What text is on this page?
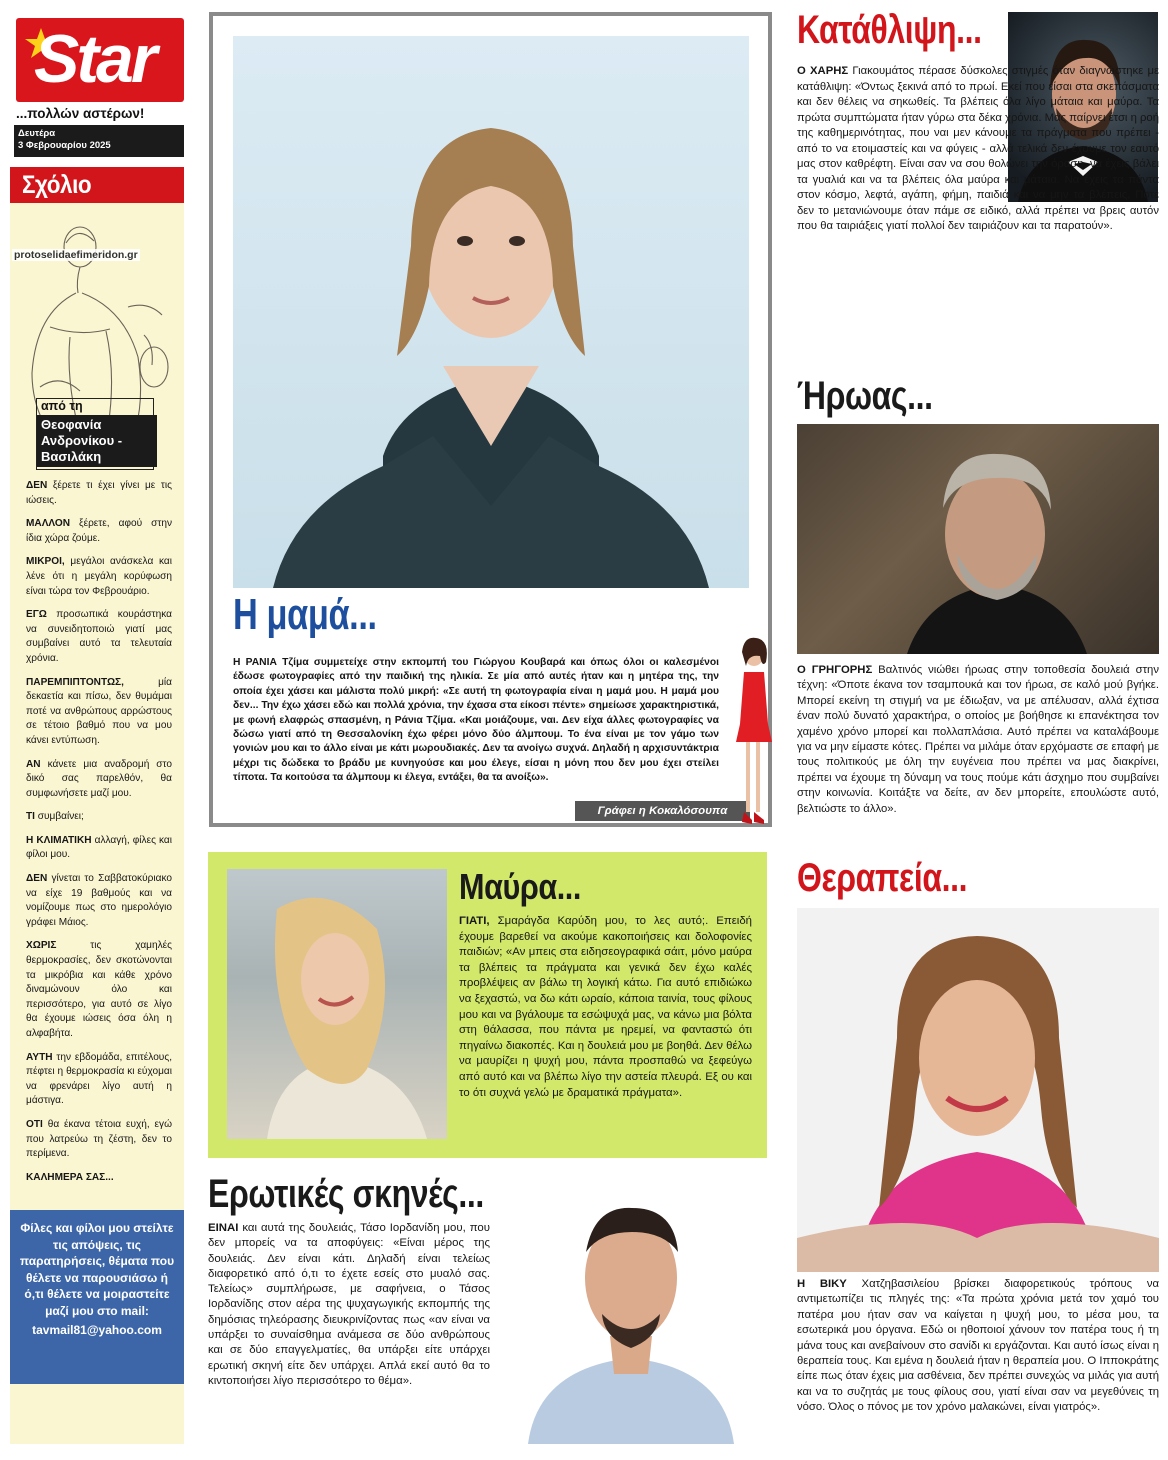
Star
...πολλών αστέρων!
Δευτέρα
3 Φεβρουαρίου 2025
Σχόλιο
protoselidaefimeridon.gr
από τη
Θεοφανία Ανδρονίκου - Βασιλάκη
ΔΕΝ ξέρετε τι έχει γίνει με τις ιώσεις.
ΜΑΛΛΟΝ ξέρετε, αφού στην ίδια χώρα ζούμε.
ΜΙΚΡΟΙ, μεγάλοι ανάσκελα και λένε ότι η μεγάλη κορύφωση είναι τώρα τον Φεβρουάριο.
ΕΓΩ προσωπικά κουράστηκα να συνειδητοποιώ γιατί μας συμβαίνει αυτό τα τελευταία χρόνια.
ΠΑΡΕΜΠΙΠΤΟΝΤΩΣ, μία δεκαετία και πίσω, δεν θυμάμαι ποτέ να ανθρώπους αρρώστους σε τέτοιο βαθμό που να μου κάνει εντύπωση.
ΑΝ κάνετε μια αναδρομή στο δικό σας παρελθόν, θα συμφωνήσετε μαζί μου.
ΤΙ συμβαίνει;
Η ΚΛΙΜΑΤΙΚΗ αλλαγή, φίλες και φίλοι μου.
ΔΕΝ γίνεται το Σαββατοκύριακο να είχε 19 βαθμούς και να νομίζουμε πως στο ημερολόγιο γράφει Μάιος.
ΧΩΡΙΣ τις χαμηλές θερμοκρασίες, δεν σκοτώνονται τα μικρόβια και κάθε χρόνο διναμώνουν όλο και περισσότερο, για αυτό σε λίγο θα έχουμε ιώσεις όσα όλη η αλφαβήτα.
ΑΥΤΗ την εβδομάδα, επιτέλους, πέφτει η θερμοκρασία κι εύχομαι να φρενάρει λίγο αυτή η μάστιγα.
ΟΤΙ θα έκανα τέτοια ευχή, εγώ που λατρεύω τη ζέστη, δεν το περίμενα.
ΚΑΛΗΜΕΡΑ ΣΑΣ...
Φίλες και φίλοι μου στείλτε τις απόψεις, τις παρατηρήσεις, θέματα που θέλετε να παρουσιάσω ή ό,τι θέλετε να μοιραστείτε μαζί μου στο mail:
tavmail81@yahoo.com
Η μαμά...
Η ΡΑΝΙΑ Τζίμα συμμετείχε στην εκπομπή του Γιώργου Κουβαρά και όπως όλοι οι καλεσμένοι έδωσε φωτογραφίες από την παιδική της ηλικία. Σε μία από αυτές ήταν και η μητέρα της, την οποία έχει χάσει και μάλιστα πολύ μικρή: «Σε αυτή τη φωτογραφία είναι η μαμά μου. Η μαμά μου δεν... Την έχω χάσει εδώ και πολλά χρόνια, την έχασα στα είκοσι πέντε» σημείωσε χαρακτηριστικά, με φωνή ελαφρώς σπασμένη, η Ράνια Τζίμα. «Και μοιάζουμε, ναι. Δεν είχα άλλες φωτογραφίες να δώσω γιατί από τη Θεσσαλονίκη έχω φέρει μόνο δύο άλμπουμ. Το ένα είναι με τον γάμο των γονιών μου και το άλλο είναι με κάτι μωρουδιακές. Δεν τα ανοίγω συχνά. Δηλαδή η αρχισυντάκτρια μέχρι τις δώδεκα το βράδυ με κυνηγούσε και μου έλεγε, είσαι η μόνη που δεν μου έχει στείλει τίποτα. Τα κοιτούσα τα άλμπουμ κι έλεγα, εντάξει, θα τα ανοίξω».
Γράφει η Κοκαλόσουπα
Μαύρα...
ΓΙΑΤΙ, Σμαράγδα Καρύδη μου, το λες αυτό;. Επειδή έχουμε βαρεθεί να ακούμε κακοποιήσεις και δολοφονίες παιδιών; «Αν μπεις στα ειδησεογραφικά σάιτ, μόνο μαύρα τα βλέπεις τα πράγματα και γενικά δεν έχω καλές προβλέψεις αν βάλω τη λογική κάτω. Για αυτό επιδιώκω να ξεχαστώ, να δω κάτι ωραίο, κάποια ταινία, τους φίλους μου και να βγάλουμε τα εσώψυχά μας, να κάνω μια βόλτα στη θάλασσα, που πάντα με ηρεμεί, να φανταστώ ότι πηγαίνω διακοπές. Και η δουλειά μου με βοηθά. Δεν θέλω να μαυρίζει η ψυχή μου, πάντα προσπαθώ να ξεφεύγω από αυτό και να βλέπω λίγο την αστεία πλευρά. Εξ ου και το ότι συχνά γελώ με δραματικά πράγματα».
Ερωτικές σκηνές...
ΕΙΝΑΙ και αυτά της δουλειάς, Τάσο Ιορδανίδη μου, που δεν μπορείς να τα αποφύγεις: «Είναι μέρος της δουλειάς. Δεν είναι κάτι. Δηλαδή είναι τελείως διαφορετικό από ό,τι το έχετε εσείς στο μυαλό σας. Τελείως» συμπλήρωσε, με σαφήνεια, ο Τάσος Ιορδανίδης στον αέρα της ψυχαγωγικής εκπομπής της δημόσιας τηλεόρασης διευκρινίζοντας πως «αν είναι να υπάρξει το συναίσθημα ανάμεσα σε δύο ανθρώπους και σε δύο επαγγελματίες, θα υπάρξει είτε υπάρχει ερωτική σκηνή είτε δεν υπάρχει. Απλά εκεί αυτό θα το κιντοποιήσει λίγο περισσότερο το θέμα».
Κατάθλιψη...
Ο ΧΑΡΗΣ Γιακουμάτος πέρασε δύσκολες στιγμές όταν διαγνώστηκε με κατάθλιψη: «Όντως ξεκινά από το πρωί. Εκεί που είσαι στα σκεπάσματα και δεν θέλεις να σηκωθείς. Τα βλέπεις όλα λίγο μάταια και μαύρα. Τα πρώτα συμπτώματα ήταν γύρω στα δέκα χρόνια. Μας παίρνει έτσι η ροή της καθημερινότητας, που ναι μεν κάνουμε τα πράγματα που πρέπει - από το να ετοιμαστείς και να φύγεις - αλλά τελικά δεν έχουμε τον εαυτό μας στον καθρέφτη. Είναι σαν να σου θολώνει την όραση, να έχεις βάλει τα γυαλιά και να τα βλέπεις όλα μαύρα και μάταια. Να έχεις τα πάντα στον κόσμο, λεφτά, αγάπη, φήμη, παιδιά και να μην τα βλέπεις. Ποτέ δεν το μετανιώνουμε όταν πάμε σε ειδικό, αλλά πρέπει να βρεις αυτόν που θα ταιριάξεις γιατί πολλοί δεν ταιριάζουν και τα παρατούν».
Ήρωας...
Ο ΓΡΗΓΟΡΗΣ Βαλτινός νιώθει ήρωας στην τοποθεσία δουλειά στην τέχνη: «Όποτε έκανα τον τσαμπουκά και τον ήρωα, σε καλό μού βγήκε. Μπορεί εκείνη τη στιγμή να με έδιωξαν, να με απέλυσαν, αλλά έχτισα έναν πολύ δυνατό χαρακτήρα, ο οποίος με βοήθησε κι επανέκτησα τον χαμένο χρόνο μπορεί και πολλαπλάσια. Αυτό πρέπει να καταλάβουμε για να μην είμαστε κότες. Πρέπει να μιλάμε όταν ερχόμαστε σε επαφή με τους πολιτικούς με όλη την ευγένεια που πρέπει να μας διακρίνει, πρέπει να έχουμε τη δύναμη να τους πούμε κάτι άσχημο που συμβαίνει στην κοινωνία. Κοιτάξτε να δείτε, αν δεν μπορείτε, επουλώστε αυτό, βελτιώστε το άλλο».
Θεραπεία...
Η ΒΙΚΥ Χατζηβασιλείου βρίσκει διαφορετικούς τρόπους να αντιμετωπίζει τις πληγές της: «Τα πρώτα χρόνια μετά τον χαμό του πατέρα μου ήταν σαν να καίγεται η ψυχή μου, το μέσα μου, τα εσωτερικά μου όργανα. Εδώ οι ηθοποιοί χάνουν τον πατέρα τους ή τη μάνα τους και ανεβαίνουν στο σανίδι κι εργάζονται. Και αυτό ίσως είναι η θεραπεία τους. Και εμένα η δουλειά ήταν η θεραπεία μου. Ο Ιπποκράτης είπε πως όταν έχεις μια ασθένεια, δεν πρέπει συνεχώς να μιλάς για αυτή και να το συζητάς με τους φίλους σου, γιατί είναι σαν να μεγεθύνεις τη νόσο. Όλος ο πόνος με τον χρόνο μαλακώνει, είναι γιατρός».
